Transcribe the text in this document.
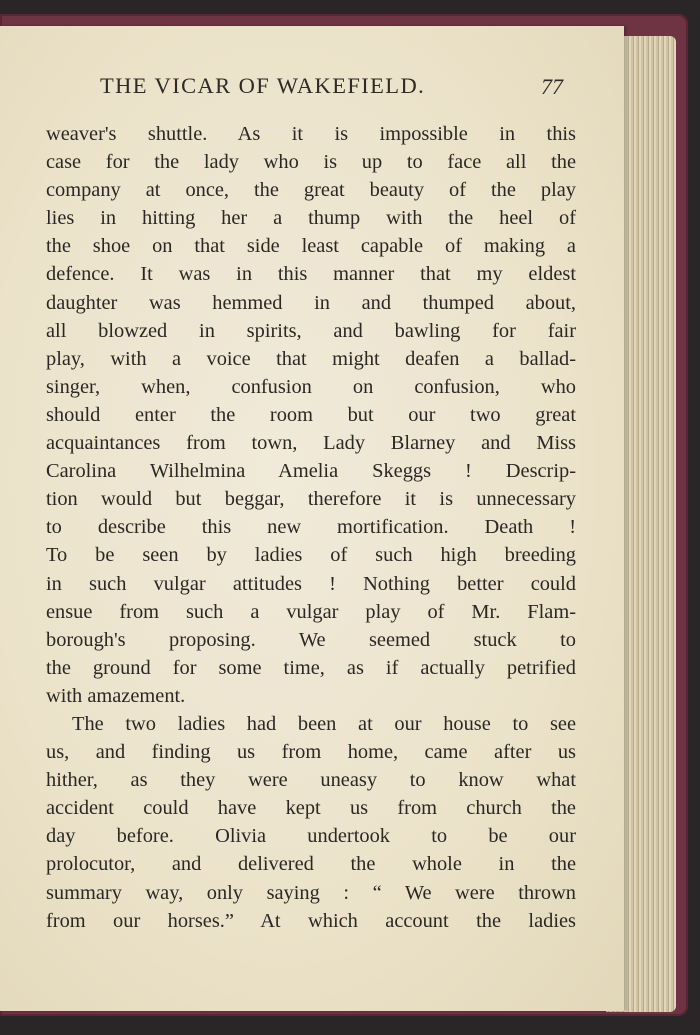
THE VICAR OF WAKEFIELD.	77
weaver's shuttle. As it is impossible in this
case for the lady who is up to face all the
company at once, the great beauty of the play
lies in hitting her a thump with the heel of
the shoe on that side least capable of making a
defence. It was in this manner that my eldest
daughter was hemmed in and thumped about,
all blowzed in spirits, and bawling for fair
play, with a voice that might deafen a ballad-
singer, when, confusion on confusion, who
should enter the room but our two great
acquaintances from town, Lady Blarney and Miss
Carolina Wilhelmina Amelia Skeggs ! Descrip-
tion would but beggar, therefore it is unnecessary
to describe this new mortification. Death !
To be seen by ladies of such high breeding
in such vulgar attitudes ! Nothing better could
ensue from such a vulgar play of Mr. Flam-
borough's proposing. We seemed stuck to
the ground for some time, as if actually petrified
with amazement.
The two ladies had been at our house to see
us, and finding us from home, came after us
hither, as they were uneasy to know what
accident could have kept us from church the
day before. Olivia undertook to be our
prolocutor, and delivered the whole in the
summary way, only saying : “ We were thrown
from our horses.” At which account the ladies
